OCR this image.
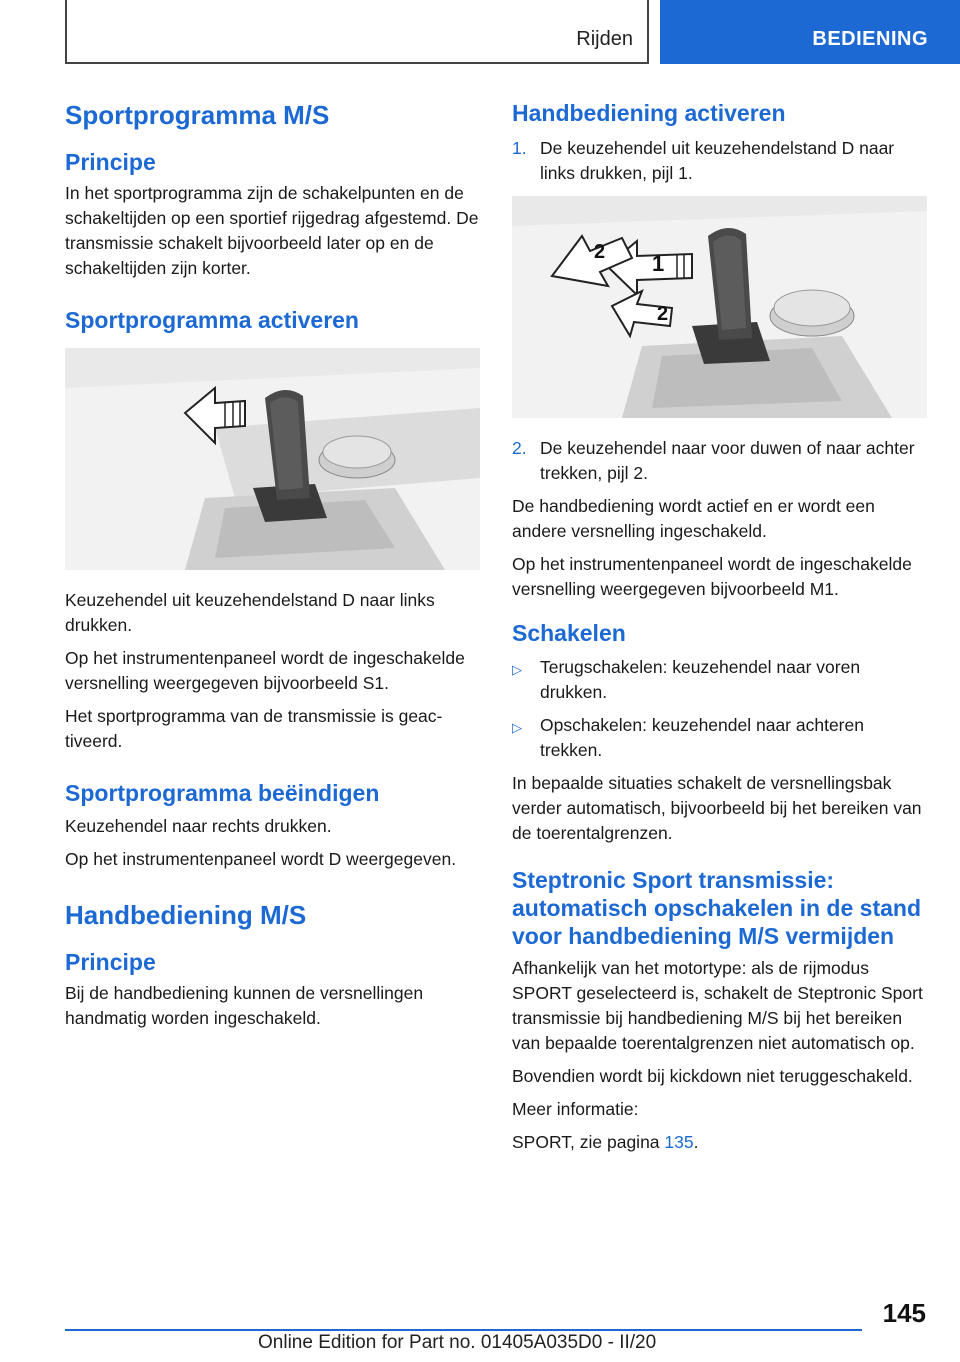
Rijden	BEDIENING
Sportprogramma M/S
Principe

In het sportprogramma zijn de schakelpunten en de schakeltijden op een sportief rijgedrag afgestemd. De transmissie schakelt bijvoorbeeld later op en de schakeltijden zijn korter.

Sportprogramma activeren

Keuzehendel uit keuzehendelstand D naar links drukken.

Op het instrumentenpaneel wordt de ingeschakelde versnelling weergegeven bijvoorbeeld S1.

Het sportprogramma van de transmissie is geactiveerd.

Sportprogramma beëindigen

Keuzehendel naar rechts drukken.

Op het instrumentenpaneel wordt D weergegeven.

Handbediening M/S
Principe

Bij de handbediening kunnen de versnellingen handmatig worden ingeschakeld.

Handbediening activeren
1. De keuzehendel uit keuzehendelstand D naar links drukken, pijl 1.
1
2
2
2. De keuzehendel naar voor duwen of naar achter trekken, pijl 2.

De handbediening wordt actief en er wordt een andere versnelling ingeschakeld.

Op het instrumentenpaneel wordt de ingeschakelde versnelling weergegeven bijvoorbeeld M1.

Schakelen
▷	Terugschakelen: keuzehendel naar voren drukken.
▷	Opschakelen: keuzehendel naar achteren trekken.

In bepaalde situaties schakelt de versnellingsbak verder automatisch, bijvoorbeeld bij het bereiken van de toerentalgrenzen.

Steptronic Sport transmissie: automatisch opschakelen in de stand voor handbediening M/S vermijden

Afhankelijk van het motortype: als de rijmodus SPORT geselecteerd is, schakelt de Steptronic Sport transmissie bij handbediening M/S bij het bereiken van bepaalde toerentalgrenzen niet automatisch op.

Bovendien wordt bij kickdown niet teruggeschakeld.

Meer informatie:

SPORT, zie pagina 135.

145
Online Edition for Part no. 01405A035D0 - II/20
